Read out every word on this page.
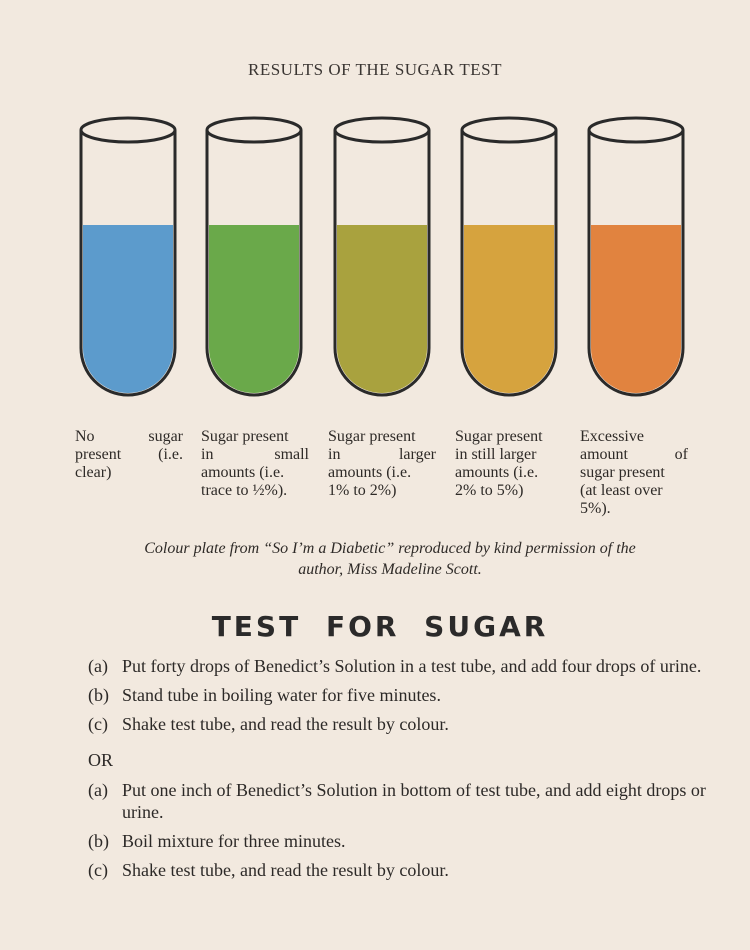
RESULTS OF THE SUGAR TEST
No sugar
present (i.e.
clear)
Sugar present
in small
amounts (i.e.
trace to ½%).
Sugar present
in larger
amounts (i.e.
1% to 2%)
Sugar present
in still larger
amounts (i.e.
2% to 5%)
Excessive
amount of
sugar present
(at least over
5%).
Colour plate from “So I’m a Diabetic” reproduced by kind permission of the
author, Miss Madeline Scott.
TEST FOR SUGAR
(a) Put forty drops of Benedict’s Solution in a test tube, and add four drops of urine.
(b) Stand tube in boiling water for five minutes.
(c) Shake test tube, and read the result by colour.
OR
(a) Put one inch of Benedict’s Solution in bottom of test tube, and add eight drops or urine.
(b) Boil mixture for three minutes.
(c) Shake test tube, and read the result by colour.
